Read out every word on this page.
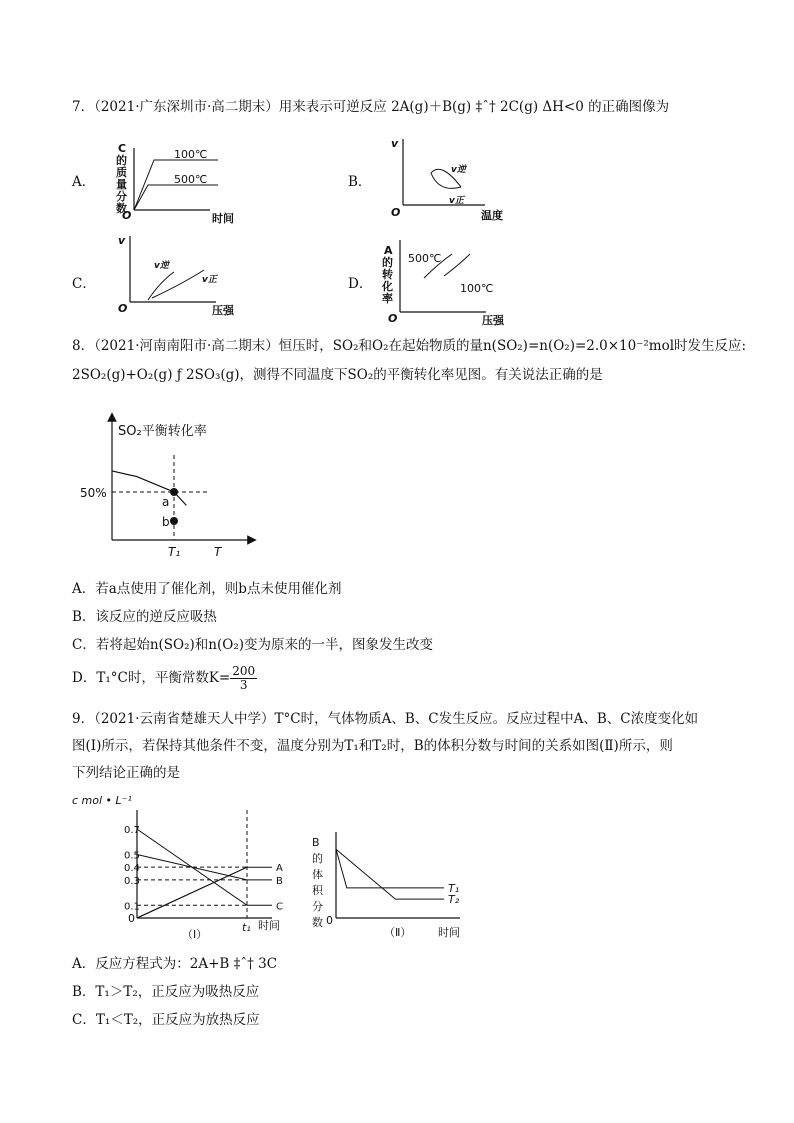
7．（2021·广东深圳市·高二期末）用来表示可逆反应 2A(g)＋B(g) ‡ˆ† 2C(g) ΔH<0 的正确图像为
A．
C
的
质
量
分
数
100℃
500℃
O	时间
B．
v
v逆
v正
O	温度
C．
v
v逆
v正
O	压强
D．
A
的
转
化
率
500℃
100℃
O	压强
8．（2021·河南南阳市·高二期末）恒压时，SO₂和O₂在起始物质的量n(SO₂)=n(O₂)=2.0×10⁻²mol时发生反应:
2SO₂(g)+O₂(g) ƒ 2SO₃(g)，测得不同温度下SO₂的平衡转化率见图。有关说法正确的是
SO₂平衡转化率
a
b
50%
T₁	T
A．若a点使用了催化剂，则b点未使用催化剂
B．该反应的逆反应吸热
C．若将起始n(SO₂)和n(O₂)变为原来的一半，图象发生改变
D．T₁°C时，平衡常数$K= \frac{200}{3}$
9．（2021·云南省楚雄天人中学）T°C时，气体物质A、B、C发生反应。反应过程中A、B、C浓度变化如
图(Ⅰ)所示，若保持其他条件不变，温度分别为T₁和T₂时，B的体积分数与时间的关系如图(Ⅱ)所示，则
下列结论正确的是
c mol • L⁻¹
0.7
0.5
0.4
0.3
0.1
A
B
C
0
t₁ 时间
（Ⅰ）
B
的
体
积
分
数
T₁
T₂
0
（Ⅱ） 时间
A．反应方程式为：2A+B ‡ˆ† 3C
B．T₁＞T₂，正反应为吸热反应
C．T₁＜T₂，正反应为放热反应
